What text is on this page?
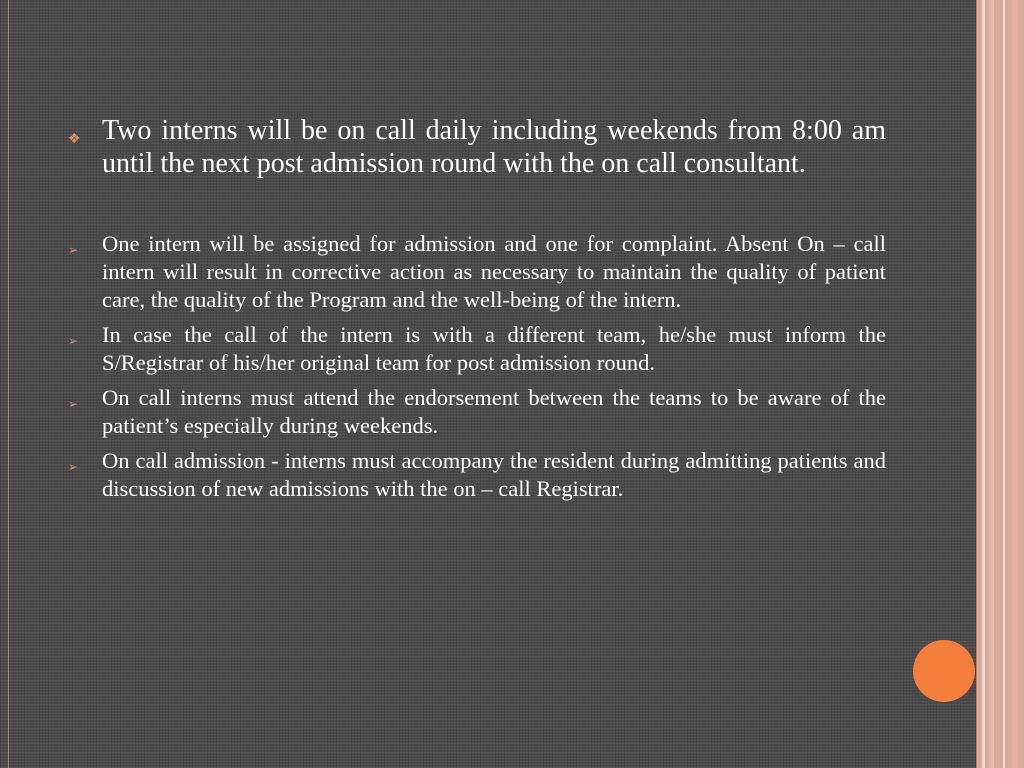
❖ Two interns will be on call daily including weekends from 8:00 am until the next post admission round with the on call consultant.
➢	One intern will be assigned for admission and one for complaint. Absent On – call intern will result in corrective action as necessary to maintain the quality of patient care, the quality of the Program and the well-being of the intern.
➢	In case the call of the intern is with a different team, he/she must inform the S/Registrar of his/her original team for post admission round.
➢	On call interns must attend the endorsement between the teams to be aware of the patient’s especially during weekends.
➢	On call admission - interns must accompany the resident during admitting patients and discussion of new admissions with the on – call Registrar.
